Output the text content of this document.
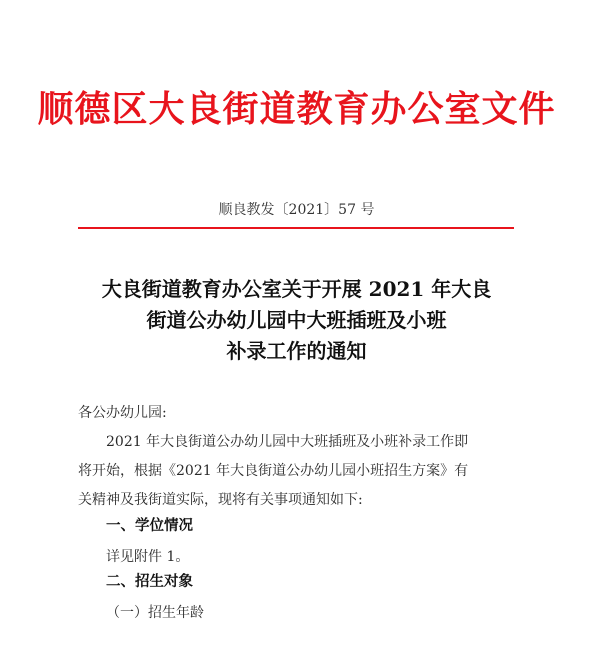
顺德区大良街道教育办公室文件
顺良教发〔2021〕57 号
大良街道教育办公室关于开展 2021 年大良
街道公办幼儿园中大班插班及小班
补录工作的通知
各公办幼儿园:
2021 年大良街道公办幼儿园中大班插班及小班补录工作即
将开始，根据《2021 年大良街道公办幼儿园小班招生方案》有
关精神及我街道实际，现将有关事项通知如下:
一、学位情况
详见附件 1。
二、招生对象
（一）招生年龄
